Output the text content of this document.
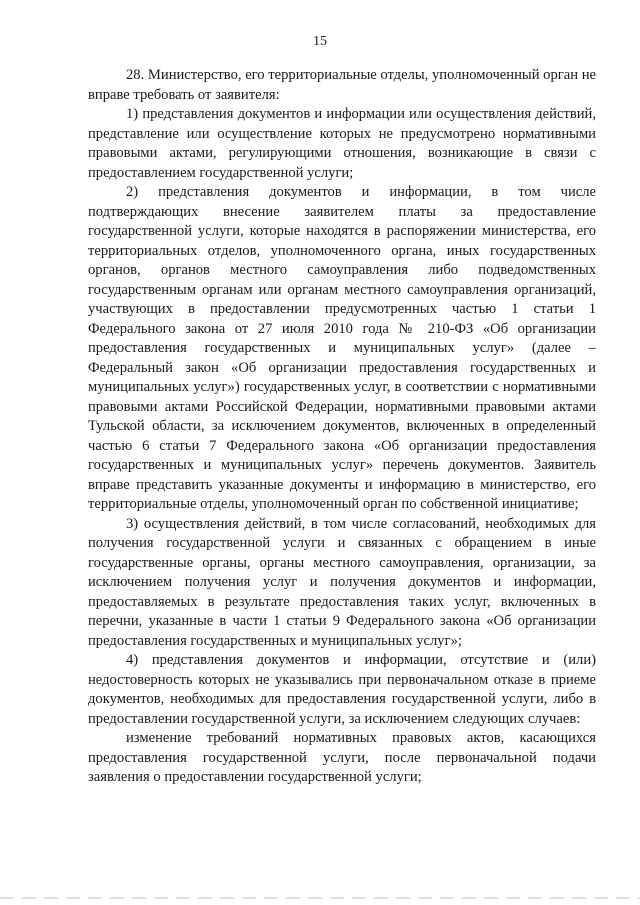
15

28. Министерство, его территориальные отделы, уполномоченный орган не вправе требовать от заявителя:

1) представления документов и информации или осуществления действий, представление или осуществление которых не предусмотрено нормативными правовыми актами, регулирующими отношения, возникающие в связи с предоставлением государственной услуги;

2) представления документов и информации, в том числе подтверждающих внесение заявителем платы за предоставление государственной услуги, которые находятся в распоряжении министерства, его территориальных отделов, уполномоченного органа, иных государственных органов, органов местного самоуправления либо подведомственных государственным органам или органам местного самоуправления организаций, участвующих в предоставлении предусмотренных частью 1 статьи 1 Федерального закона от 27 июля 2010 года № 210-ФЗ «Об организации предоставления государственных и муниципальных услуг» (далее – Федеральный закон «Об организации предоставления государственных и муниципальных услуг») государственных услуг, в соответствии с нормативными правовыми актами Российской Федерации, нормативными правовыми актами Тульской области, за исключением документов, включенных в определенный частью 6 статьи 7 Федерального закона «Об организации предоставления государственных и муниципальных услуг» перечень документов. Заявитель вправе представить указанные документы и информацию в министерство, его территориальные отделы, уполномоченный орган по собственной инициативе;

3) осуществления действий, в том числе согласований, необходимых для получения государственной услуги и связанных с обращением в иные государственные органы, органы местного самоуправления, организации, за исключением получения услуг и получения документов и информации, предоставляемых в результате предоставления таких услуг, включенных в перечни, указанные в части 1 статьи 9 Федерального закона «Об организации предоставления государственных и муниципальных услуг»;

4) представления документов и информации, отсутствие и (или) недостоверность которых не указывались при первоначальном отказе в приеме документов, необходимых для предоставления государственной услуги, либо в предоставлении государственной услуги, за исключением следующих случаев:

изменение требований нормативных правовых актов, касающихся предоставления государственной услуги, после первоначальной подачи заявления о предоставлении государственной услуги;
